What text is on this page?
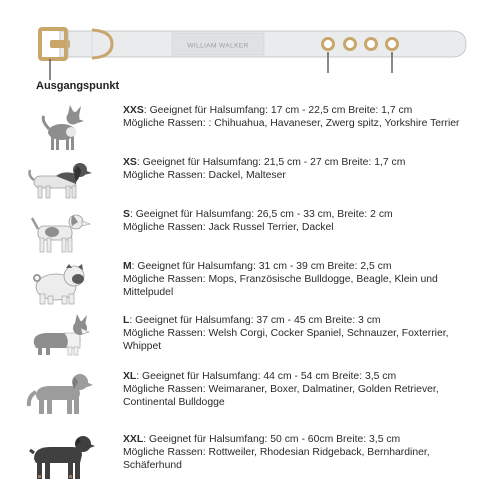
WILLIAM WALKER
Ausgangspunkt
XXS: Geeignet für Halsumfang: 17 cm - 22,5 cm Breite: 1,7 cm
Mögliche Rassen: : Chihuahua, Havaneser, Zwerg spitz, Yorkshire Terrier
XS: Geeignet für Halsumfang: 21,5 cm - 27 cm Breite: 1,7 cm
Mögliche Rassen: Dackel, Malteser
S: Geeignet für Halsumfang: 26,5 cm - 33 cm, Breite: 2 cm
Mögliche Rassen: Jack Russel Terrier, Dackel
M: Geeignet für Halsumfang: 31 cm - 39 cm Breite: 2,5 cm
Mögliche Rassen: Mops, Französische Bulldogge, Beagle, Klein und Mittelpudel
L: Geeignet für Halsumfang: 37 cm - 45 cm Breite: 3 cm
Mögliche Rassen: Welsh Corgi, Cocker Spaniel, Schnauzer, Foxterrier, Whippet
XL: Geeignet für Halsumfang: 44 cm - 54 cm Breite: 3,5 cm
Mögliche Rassen: Weimaraner, Boxer, Dalmatiner, Golden Retriever, Continental Bulldogge
XXL: Geeignet für Halsumfang: 50 cm - 60cm Breite: 3,5 cm
Mögliche Rassen: Rottweiler, Rhodesian Ridgeback, Bernhardiner, Schäferhund
